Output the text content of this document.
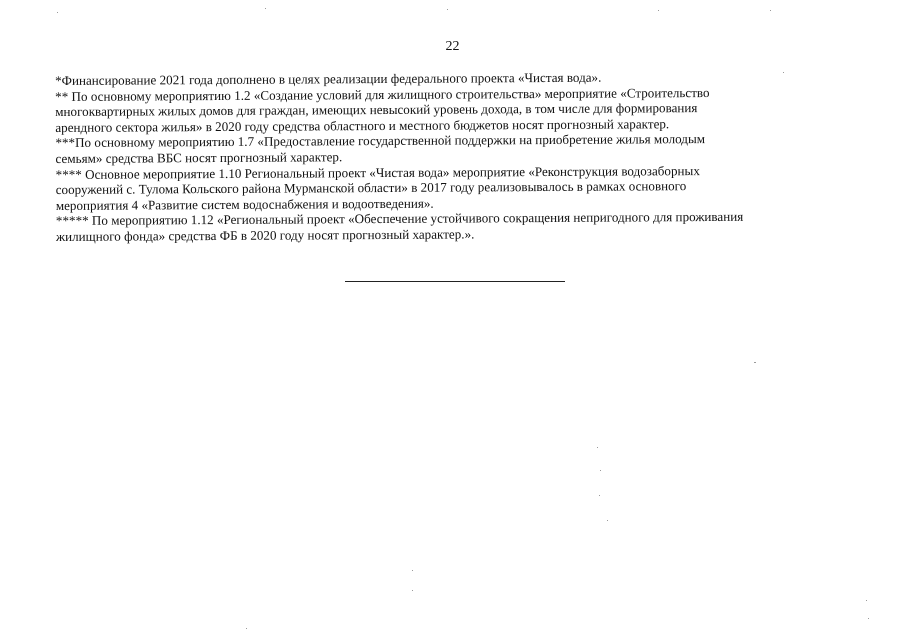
22
*Финансирование 2021 года дополнено в целях реализации федерального проекта «Чистая вода».
** По основному мероприятию 1.2 «Создание условий для жилищного строительства» мероприятие «Строительство
многоквартирных жилых домов для граждан, имеющих невысокий уровень дохода, в том числе для формирования
арендного сектора жилья» в 2020 году средства областного и местного бюджетов носят прогнозный характер.
***По основному мероприятию 1.7 «Предоставление государственной поддержки на приобретение жилья молодым
семьям» средства ВБС носят прогнозный характер.
**** Основное мероприятие 1.10 Региональный проект «Чистая вода» мероприятие «Реконструкция водозаборных
сооружений с. Тулома Кольского района Мурманской области» в 2017 году реализовывалось в рамках основного
мероприятия 4 «Развитие систем водоснабжения и водоотведения».
***** По мероприятию 1.12 «Региональный проект «Обеспечение устойчивого сокращения непригодного для проживания
жилищного фонда» средства ФБ в 2020 году носят прогнозный характер.».
